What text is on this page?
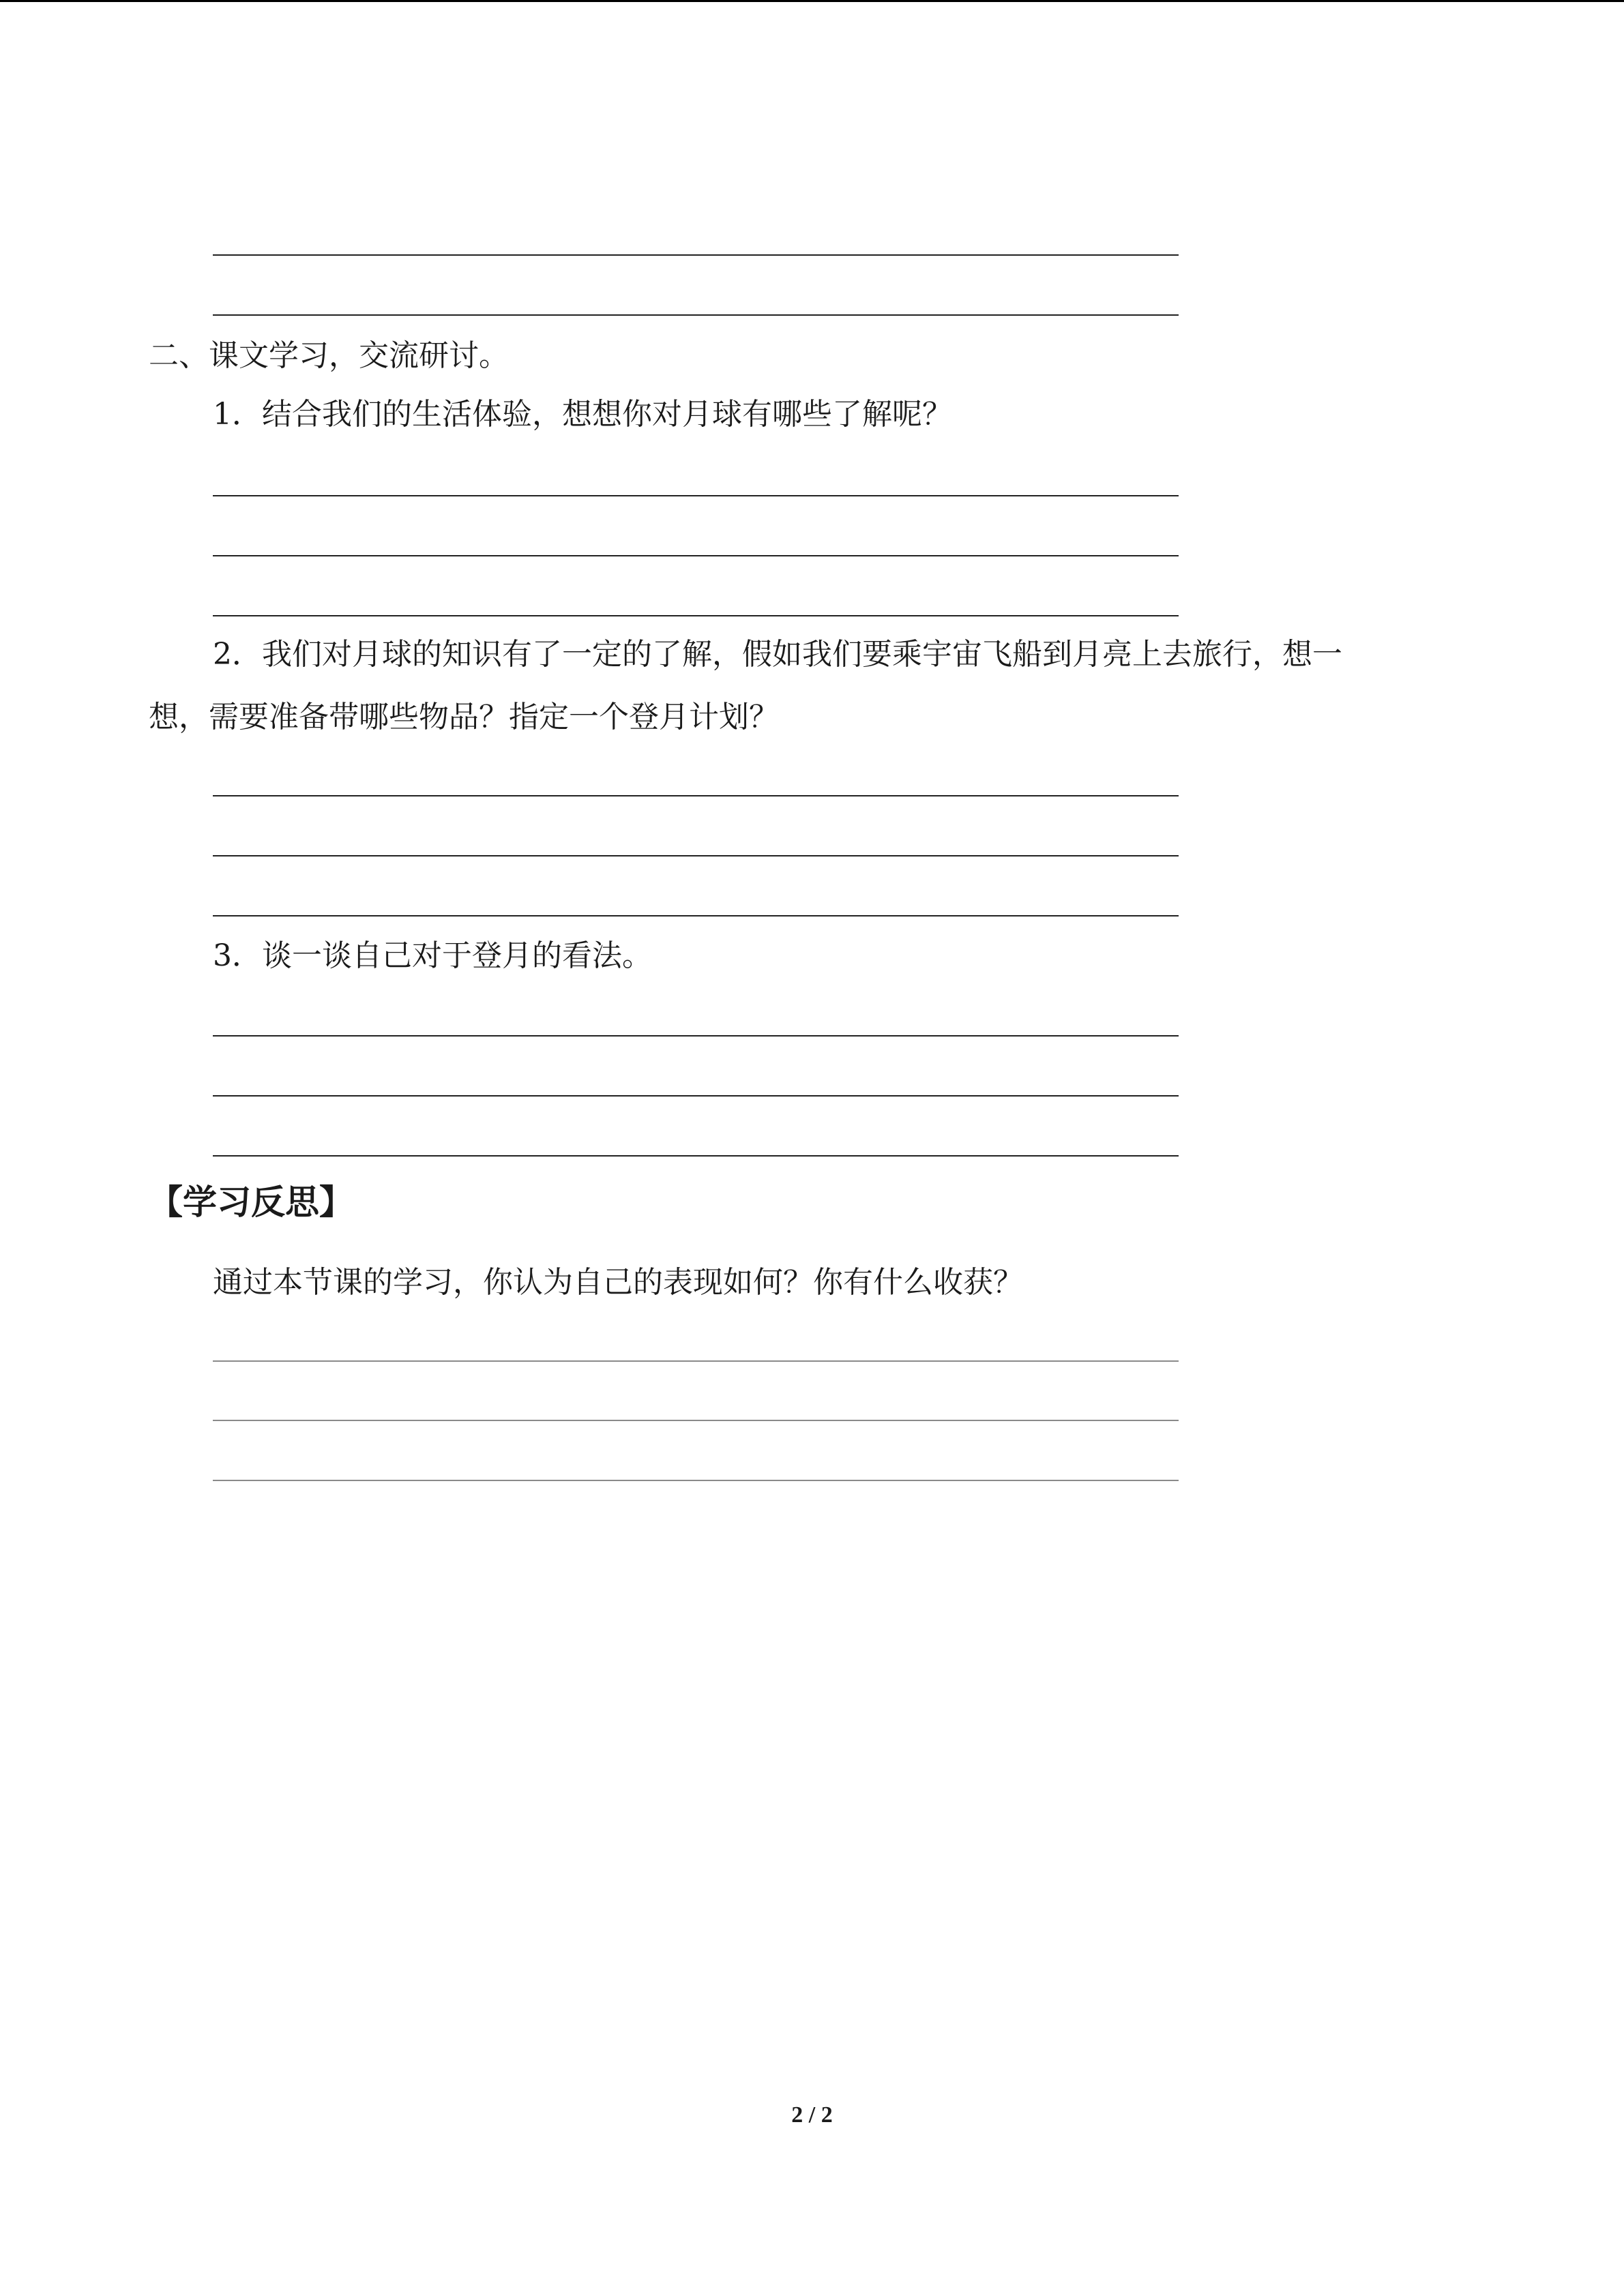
二、课文学习，交流研讨。
1．结合我们的生活体验，想想你对月球有哪些了解呢？
2．我们对月球的知识有了一定的了解，假如我们要乘宇宙飞船到月亮上去旅行，想一
想，需要准备带哪些物品？指定一个登月计划？
3．谈一谈自己对于登月的看法。
【学习反思】
通过本节课的学习，你认为自己的表现如何？你有什么收获？
2 / 2
